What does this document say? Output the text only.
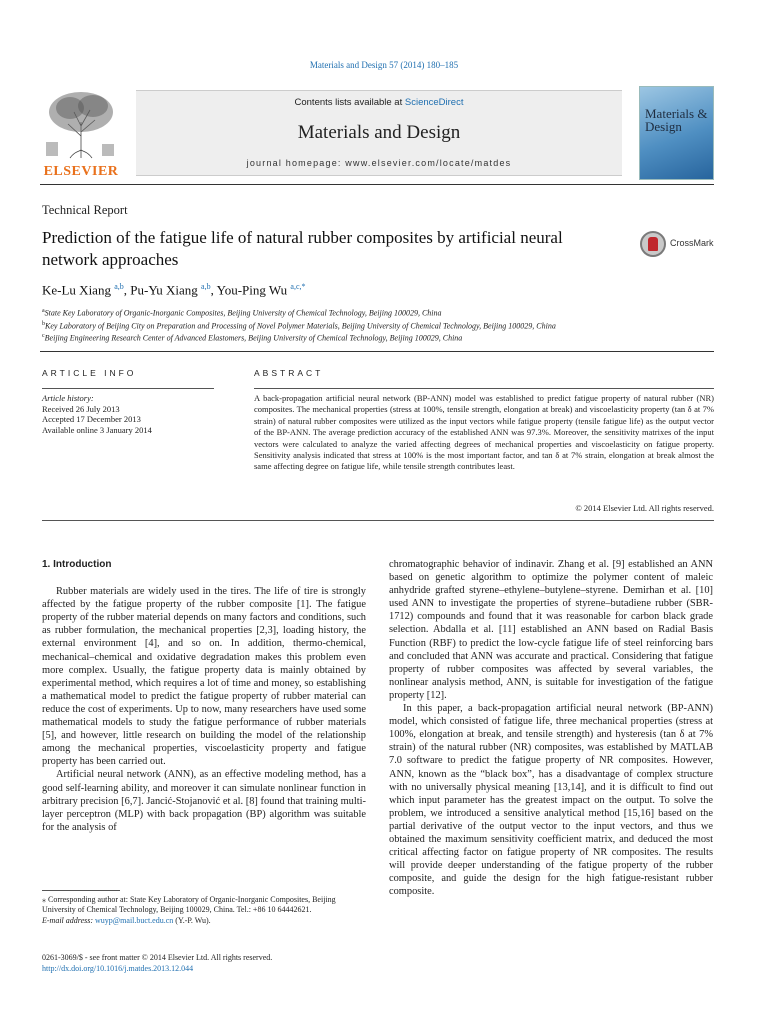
Materials and Design 57 (2014) 180–185
ELSEVIER
Contents lists available at ScienceDirect
Materials and Design
journal homepage: www.elsevier.com/locate/matdes
Materials & Design
Technical Report
Prediction of the fatigue life of natural rubber composites by artificial neural network approaches
CrossMark
Ke-Lu Xiang $^{a,b}$, Pu-Yu Xiang $^{a,b}$, You-Ping Wu $^{a,c,*}$
$^a$State Key Laboratory of Organic-Inorganic Composites, Beijing University of Chemical Technology, Beijing 100029, China
$^b$Key Laboratory of Beijing City on Preparation and Processing of Novel Polymer Materials, Beijing University of Chemical Technology, Beijing 100029, China
$^c$Beijing Engineering Research Center of Advanced Elastomers, Beijing University of Chemical Technology, Beijing 100029, China
ARTICLE INFO	ABSTRACT
Article history:
Received 26 July 2013
Accepted 17 December 2013
Available online 3 January 2014
A back-propagation artificial neural network (BP-ANN) model was established to predict fatigue property of natural rubber (NR) composites. The mechanical properties (stress at 100%, tensile strength, elongation at break) and viscoelasticity property (tan δ at 7% strain) of natural rubber composites were utilized as the input vectors while fatigue property (tensile fatigue life) as the output vector of the BP-ANN. The average prediction accuracy of the established ANN was 97.3%. Moreover, the sensitivity matrixes of the input vectors were calculated to analyze the varied affecting degrees of mechanical properties and viscoelasticity on fatigue property. Sensitivity analysis indicated that stress at 100% is the most important factor, and tan δ at 7% strain, elongation at break almost the same affecting degree on fatigue life, while tensile strength contributes least.
© 2014 Elsevier Ltd. All rights reserved.
1. Introduction

Rubber materials are widely used in the tires. The life of tire is strongly affected by the fatigue property of the rubber composite [1]. The fatigue property of the rubber material depends on many factors and conditions, such as rubber formulation, the mechanical properties [2,3], loading history, the external environment [4], and so on. In addition, thermo-chemical, mechanical–chemical and oxidative degradation makes this problem even more complex. Usually, the fatigue property data is mainly obtained by experimental method, which requires a lot of time and money, so establishing a mathematical model to predict the fatigue property of rubber material can reduce the cost of experiments. Up to now, many researchers have used some mathematical models to study the fatigue performance of rubber materials [5], and however, little research on building the model of the relationship among the mechanical properties, viscoelasticity property and fatigue property has been carried out.

Artificial neural network (ANN), as an effective modeling method, has a good self-learning ability, and moreover it can simulate nonlinear function in arbitrary precision [6,7]. Jancić-Stojanović et al. [8] found that training multi-layer perceptron (MLP) with back propagation (BP) algorithm was suitable for the analysis of

chromatographic behavior of indinavir. Zhang et al. [9] established an ANN based on genetic algorithm to optimize the polymer content of maleic anhydride grafted styrene–ethylene–butylene–styrene. Demirhan et al. [10] used ANN to investigate the properties of styrene–butadiene rubber (SBR-1712) compounds and found that it was reasonable for carbon black grade selection. Abdalla et al. [11] established an ANN based on Radial Basis Function (RBF) to predict the low-cycle fatigue life of steel reinforcing bars and concluded that ANN was accurate and practical. Considering that fatigue property of rubber composites was affected by several variables, the nonlinear analysis method, ANN, is suitable for investigation of the fatigue property [12].

In this paper, a back-propagation artificial neural network (BP-ANN) model, which consisted of fatigue life, three mechanical properties (stress at 100%, elongation at break, and tensile strength) and hysteresis (tan δ at 7% strain) of the natural rubber (NR) composites, was established by MATLAB 7.0 software to predict the fatigue property of NR composites. However, ANN, known as the “black box”, has a disadvantage of complex structure with no universally physical meaning [13,14], and it is difficult to find out which input parameter has the greatest impact on the output. To solve the problem, we introduced a sensitive analytical method [15,16] based on the partial derivative of the output vector to the input vectors, and thus we obtained the maximum sensitivity coefficient matrix, and deduced the most critical affecting factor on fatigue property of NR composites. The results will provide deeper understanding of the fatigue property of the rubber composite, and guide the design for the high fatigue-resistant rubber composite.

⁎ Corresponding author at: State Key Laboratory of Organic-Inorganic Composites, Beijing University of Chemical Technology, Beijing 100029, China. Tel.: +86 10 64442621.
E-mail address: wuyp@mail.buct.edu.cn (Y.-P. Wu).
0261-3069/$ - see front matter © 2014 Elsevier Ltd. All rights reserved.
http://dx.doi.org/10.1016/j.matdes.2013.12.044
